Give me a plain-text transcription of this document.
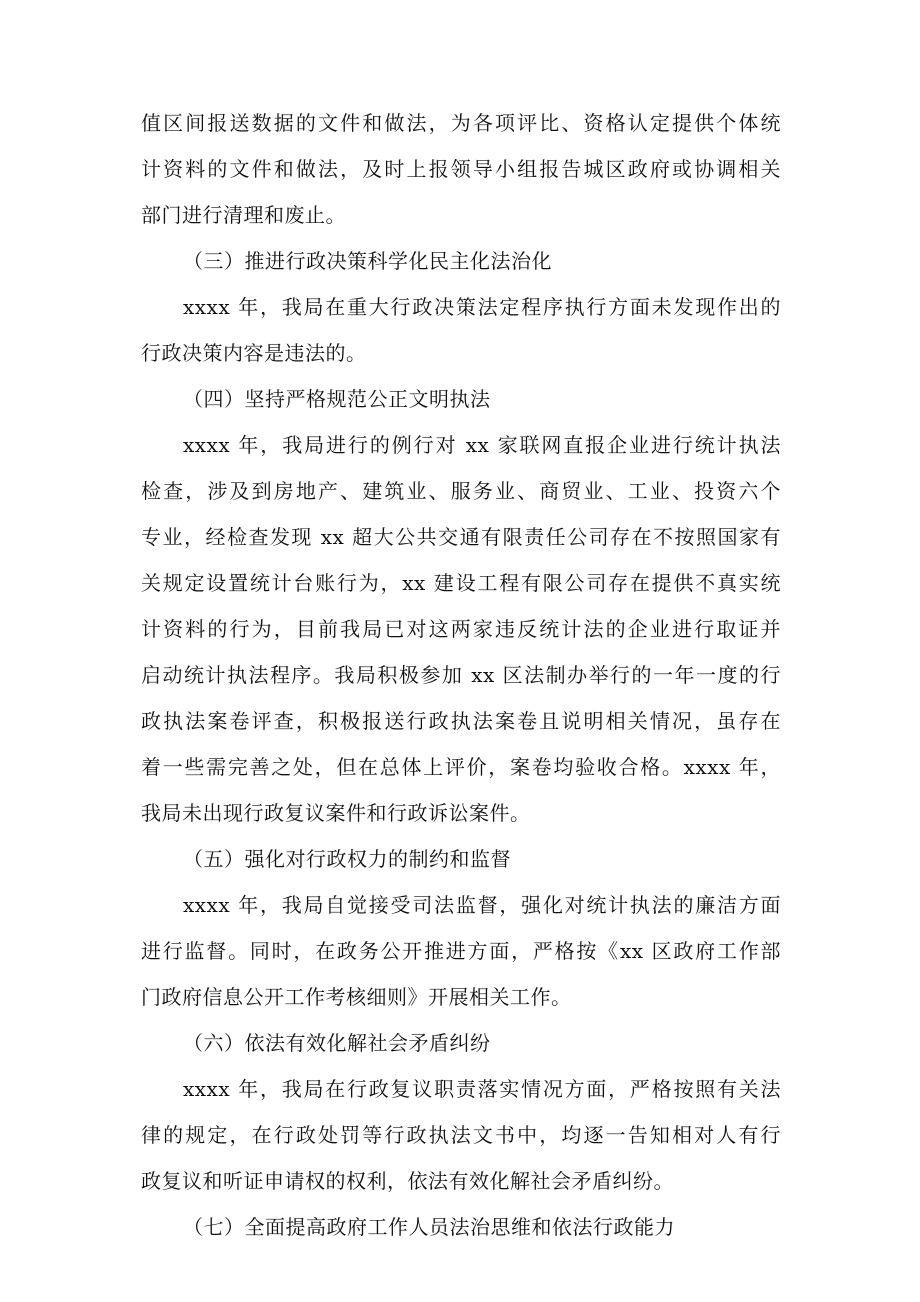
值区间报送数据的文件和做法，为各项评比、资格认定提供个体统
计资料的文件和做法，及时上报领导小组报告城区政府或协调相关
部门进行清理和废止。
（三）推进行政决策科学化民主化法治化
xxxx 年，我局在重大行政决策法定程序执行方面未发现作出的
行政决策内容是违法的。
（四）坚持严格规范公正文明执法
xxxx 年，我局进行的例行对 xx 家联网直报企业进行统计执法
检查，涉及到房地产、建筑业、服务业、商贸业、工业、投资六个
专业，经检查发现 xx 超大公共交通有限责任公司存在不按照国家有
关规定设置统计台账行为，xx 建设工程有限公司存在提供不真实统
计资料的行为，目前我局已对这两家违反统计法的企业进行取证并
启动统计执法程序。我局积极参加 xx 区法制办举行的一年一度的行
政执法案卷评查，积极报送行政执法案卷且说明相关情况，虽存在
着一些需完善之处，但在总体上评价，案卷均验收合格。xxxx 年，
我局未出现行政复议案件和行政诉讼案件。
（五）强化对行政权力的制约和监督
xxxx 年，我局自觉接受司法监督，强化对统计执法的廉洁方面
进行监督。同时，在政务公开推进方面，严格按《xx 区政府工作部
门政府信息公开工作考核细则》开展相关工作。
（六）依法有效化解社会矛盾纠纷
xxxx 年，我局在行政复议职责落实情况方面，严格按照有关法
律的规定，在行政处罚等行政执法文书中，均逐一告知相对人有行
政复议和听证申请权的权利，依法有效化解社会矛盾纠纷。
（七）全面提高政府工作人员法治思维和依法行政能力
